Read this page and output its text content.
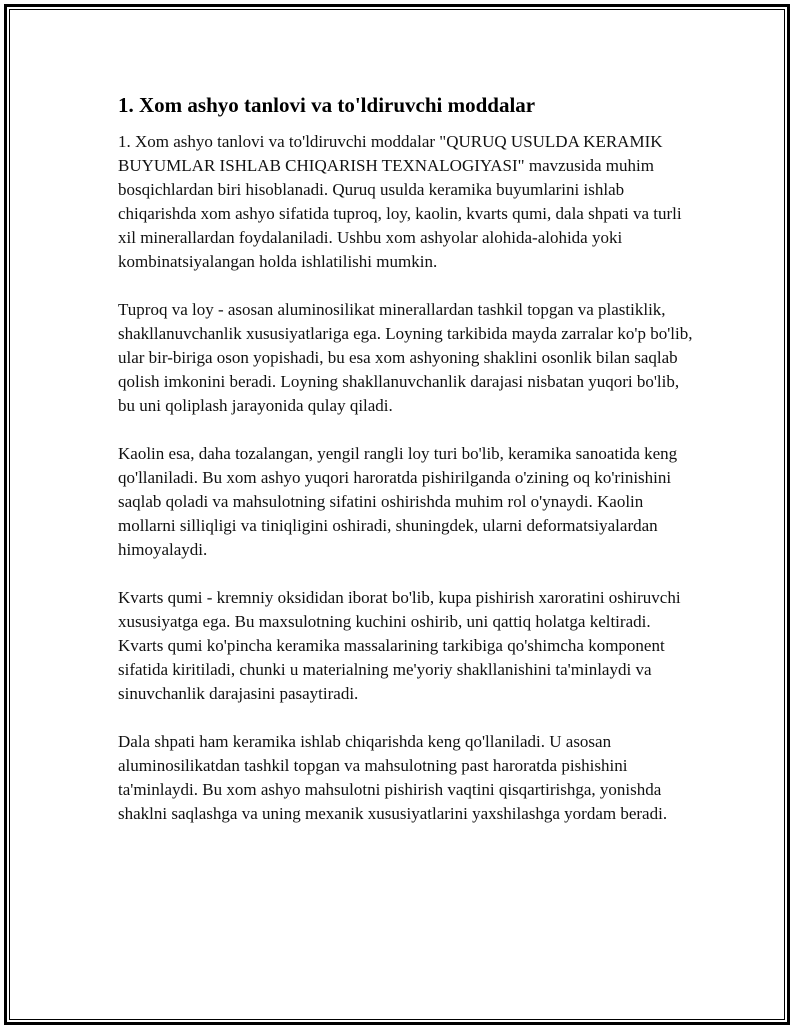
1. Xom ashyo tanlovi va to'ldiruvchi moddalar

1. Xom ashyo tanlovi va to'ldiruvchi moddalar "QURUQ USULDA KERAMIK BUYUMLAR ISHLAB CHIQARISH TEXNALOGIYASI" mavzusida muhim bosqichlardan biri hisoblanadi. Quruq usulda keramika buyumlarini ishlab chiqarishda xom ashyo sifatida tuproq, loy, kaolin, kvarts qumi, dala shpati va turli xil minerallardan foydalaniladi. Ushbu xom ashyolar alohida-alohida yoki kombinatsiyalangan holda ishlatilishi mumkin.

Tuproq va loy - asosan aluminosilikat minerallardan tashkil topgan va plastiklik, shakllanuvchanlik xususiyatlariga ega. Loyning tarkibida mayda zarralar ko'p bo'lib, ular bir-biriga oson yopishadi, bu esa xom ashyoning shaklini osonlik bilan saqlab qolish imkonini beradi. Loyning shakllanuvchanlik darajasi nisbatan yuqori bo'lib, bu uni qoliplash jarayonida qulay qiladi.

Kaolin esa, daha tozalangan, yengil rangli loy turi bo'lib, keramika sanoatida keng qo'llaniladi. Bu xom ashyo yuqori haroratda pishirilganda o'zining oq ko'rinishini saqlab qoladi va mahsulotning sifatini oshirishda muhim rol o'ynaydi. Kaolin mollarni silliqligi va tiniqligini oshiradi, shuningdek, ularni deformatsiyalardan himoyalaydi.

Kvarts qumi - kremniy oksididan iborat bo'lib, kupa pishirish xaroratini oshiruvchi xususiyatga ega. Bu maxsulotning kuchini oshirib, uni qattiq holatga keltiradi. Kvarts qumi ko'pincha keramika massalarining tarkibiga qo'shimcha komponent sifatida kiritiladi, chunki u materialning me'yoriy shakllanishini ta'minlaydi va sinuvchanlik darajasini pasaytiradi.

Dala shpati ham keramika ishlab chiqarishda keng qo'llaniladi. U asosan aluminosilikatdan tashkil topgan va mahsulotning past haroratda pishishini ta'minlaydi. Bu xom ashyo mahsulotni pishirish vaqtini qisqartirishga, yonishda shaklni saqlashga va uning mexanik xususiyatlarini yaxshilashga yordam beradi.
